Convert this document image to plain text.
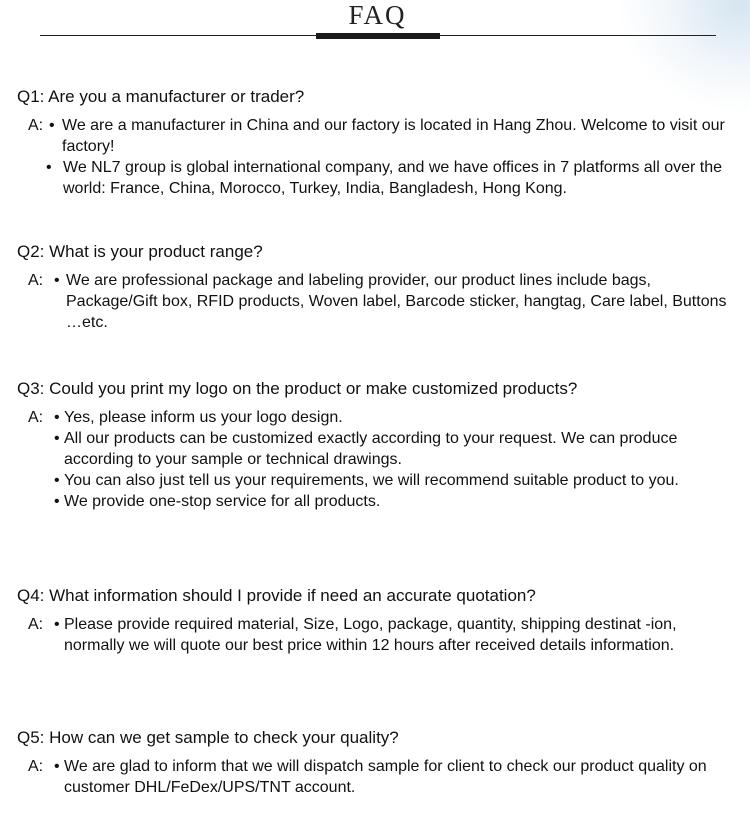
FAQ

Q1: Are you a manufacturer or trader?

A: • We are a manufacturer in China and our factory is located in Hang Zhou. Welcome to visit our factory!
• We NL7 group is global international company, and we have offices in 7 platforms all over the world: France, China, Morocco, Turkey, India, Bangladesh, Hong Kong.

Q2: What is your product range?

A: • We are professional package and labeling provider, our product lines include bags, Package/Gift box, RFID products, Woven label, Barcode sticker, hangtag, Care label, Buttons …etc.

Q3: Could you print my logo on the product or make customized products?

A: • Yes, please inform us your logo design.
• All our products can be customized exactly according to your request. We can produce according to your sample or technical drawings.
• You can also just tell us your requirements, we will recommend suitable product to you.
• We provide one-stop service for all products.

Q4: What information should I provide if need an accurate quotation?

A: • Please provide required material, Size, Logo, package, quantity, shipping destinat -ion, normally we will quote our best price within 12 hours after received details information.

Q5: How can we get sample to check your quality?

A: • We are glad to inform that we will dispatch sample for client to check our product quality on customer DHL/FeDex/UPS/TNT account.
